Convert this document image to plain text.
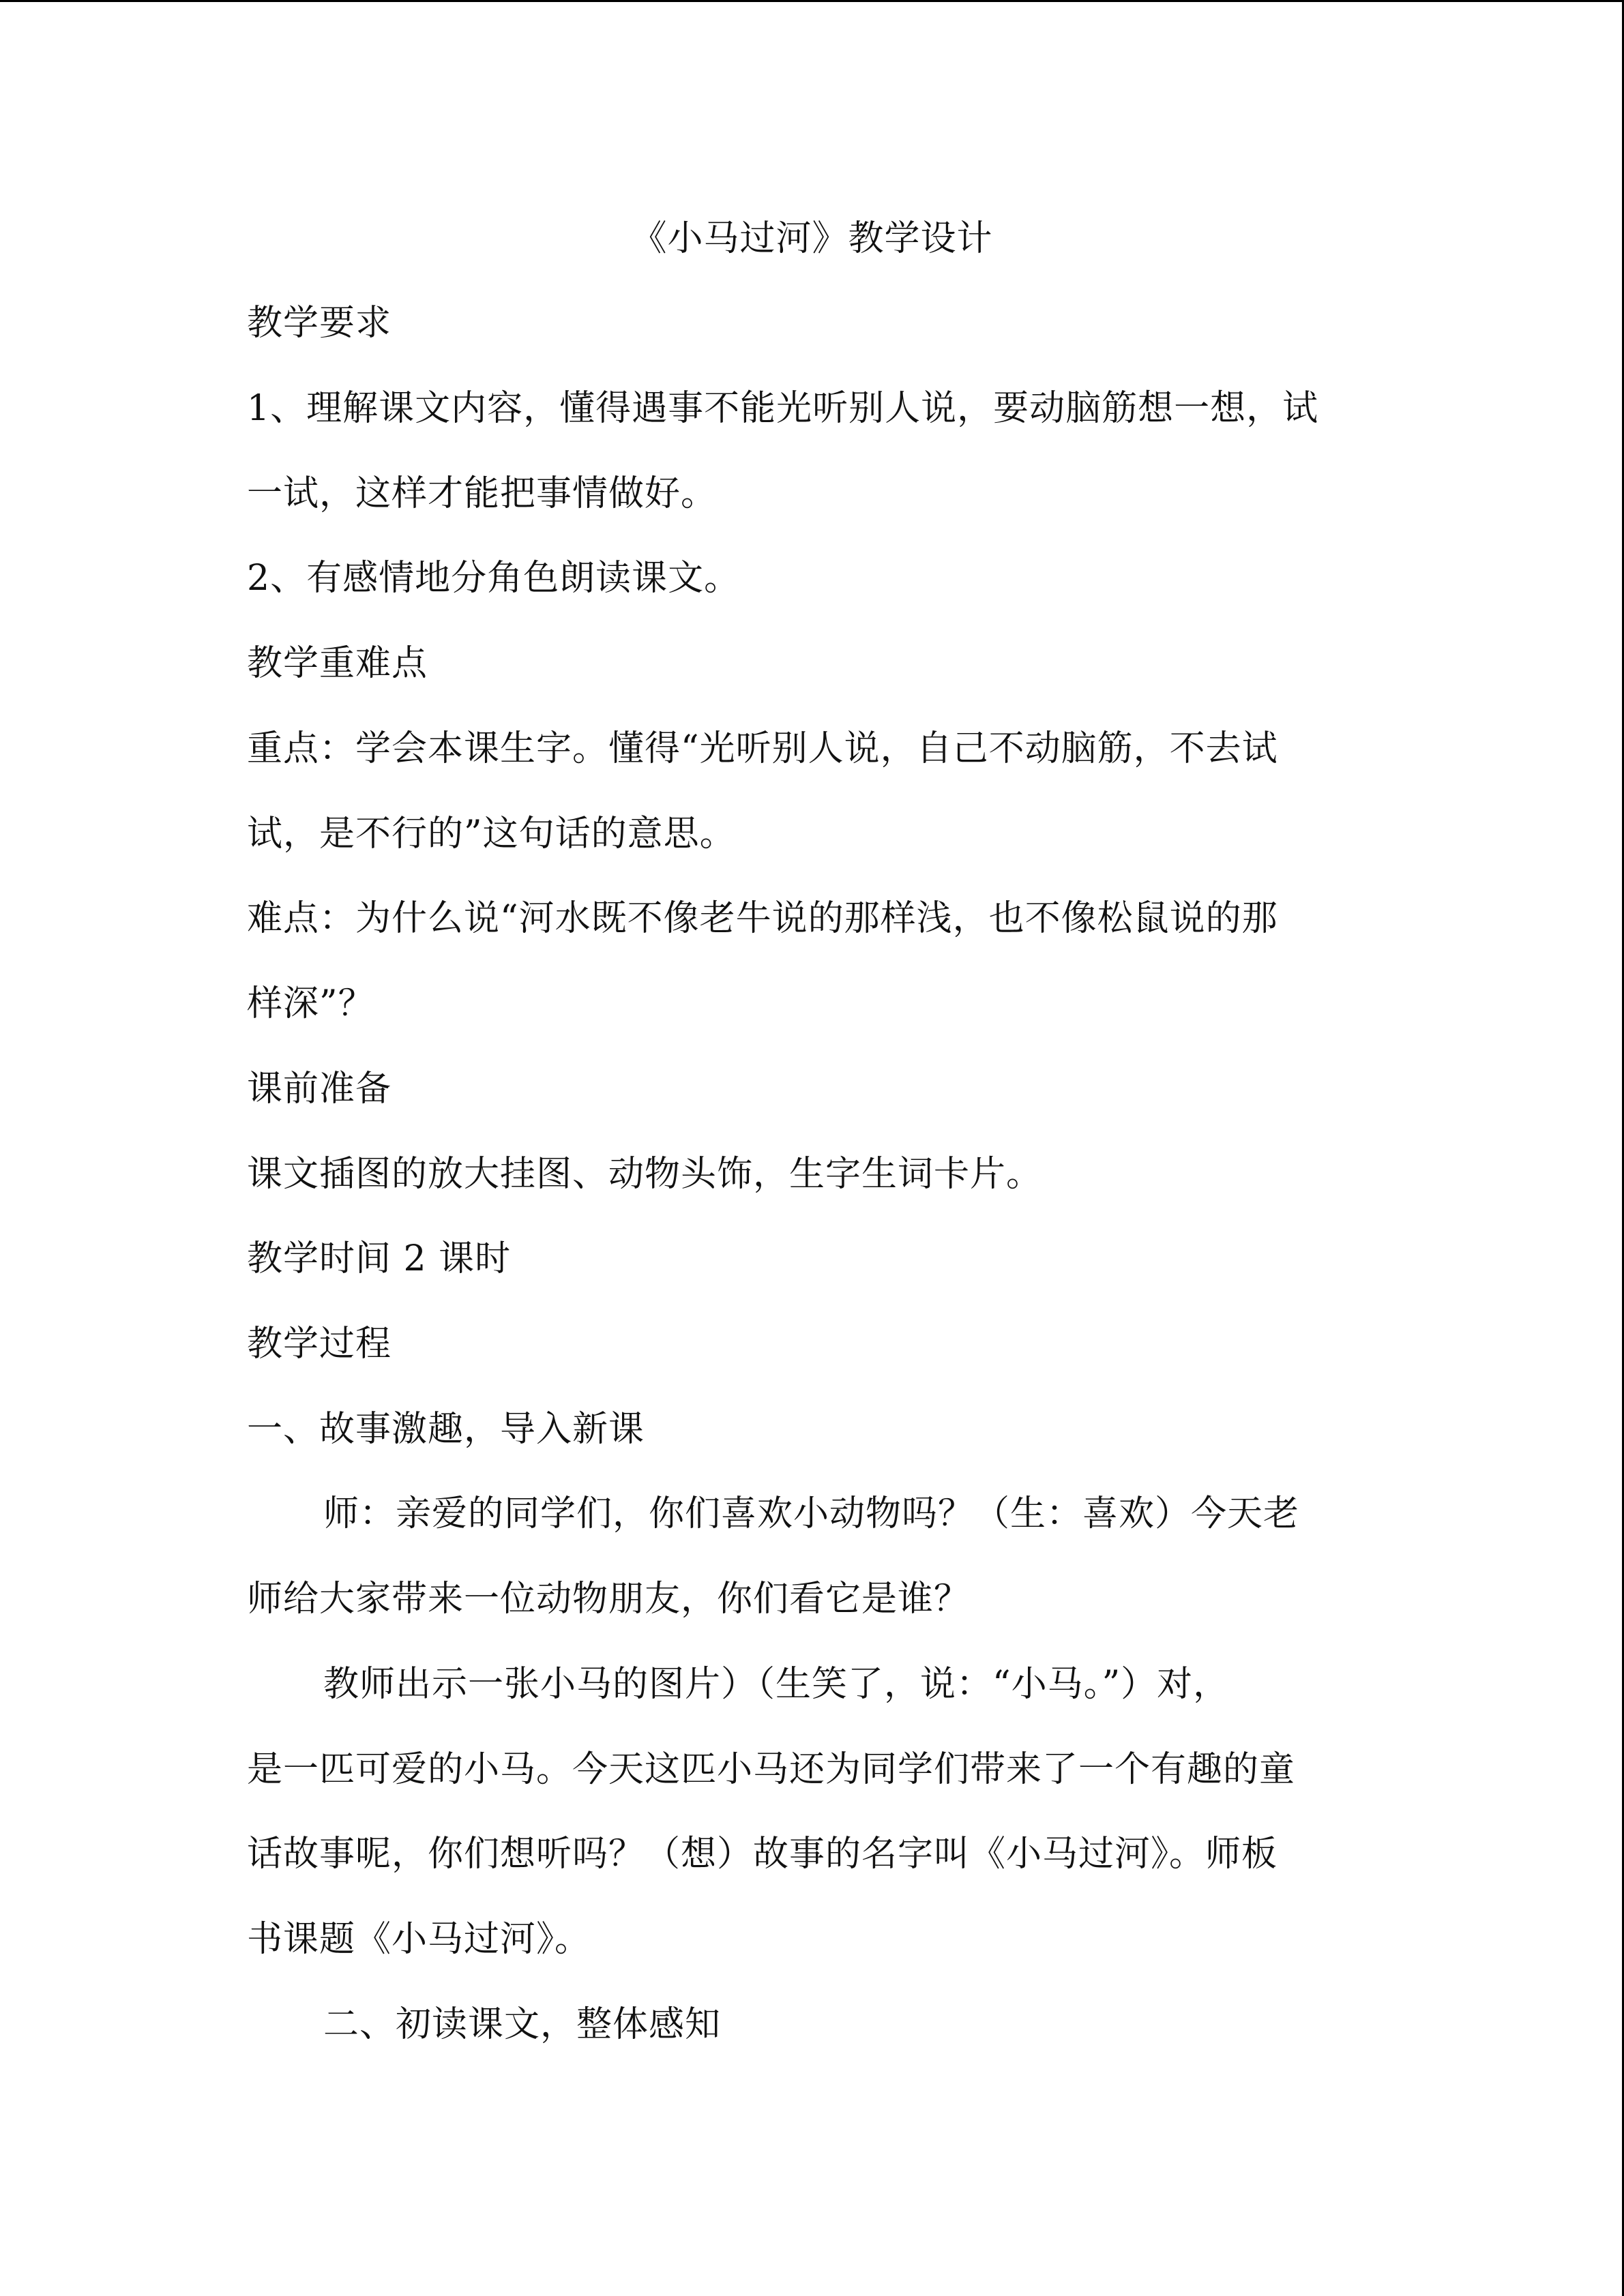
《小马过河》教学设计
教学要求
1、理解课文内容，懂得遇事不能光听别人说，要动脑筋想一想，试
一试，这样才能把事情做好。
2、有感情地分角色朗读课文。
教学重难点
重点：学会本课生字。懂得“光听别人说，自己不动脑筋，不去试
试，是不行的”这句话的意思。
难点：为什么说“河水既不像老牛说的那样浅，也不像松鼠说的那
样深”？
课前准备
课文插图的放大挂图、动物头饰，生字生词卡片。
教学时间 2 课时
教学过程
一、故事激趣，导入新课
师：亲爱的同学们，你们喜欢小动物吗？（生：喜欢）今天老
师给大家带来一位动物朋友，你们看它是谁？
教师出示一张小马的图片）（生笑了，说：“小马。”）对，
是一匹可爱的小马。今天这匹小马还为同学们带来了一个有趣的童
话故事呢，你们想听吗？（想）故事的名字叫《小马过河》。师板
书课题《小马过河》。
二、初读课文，整体感知
